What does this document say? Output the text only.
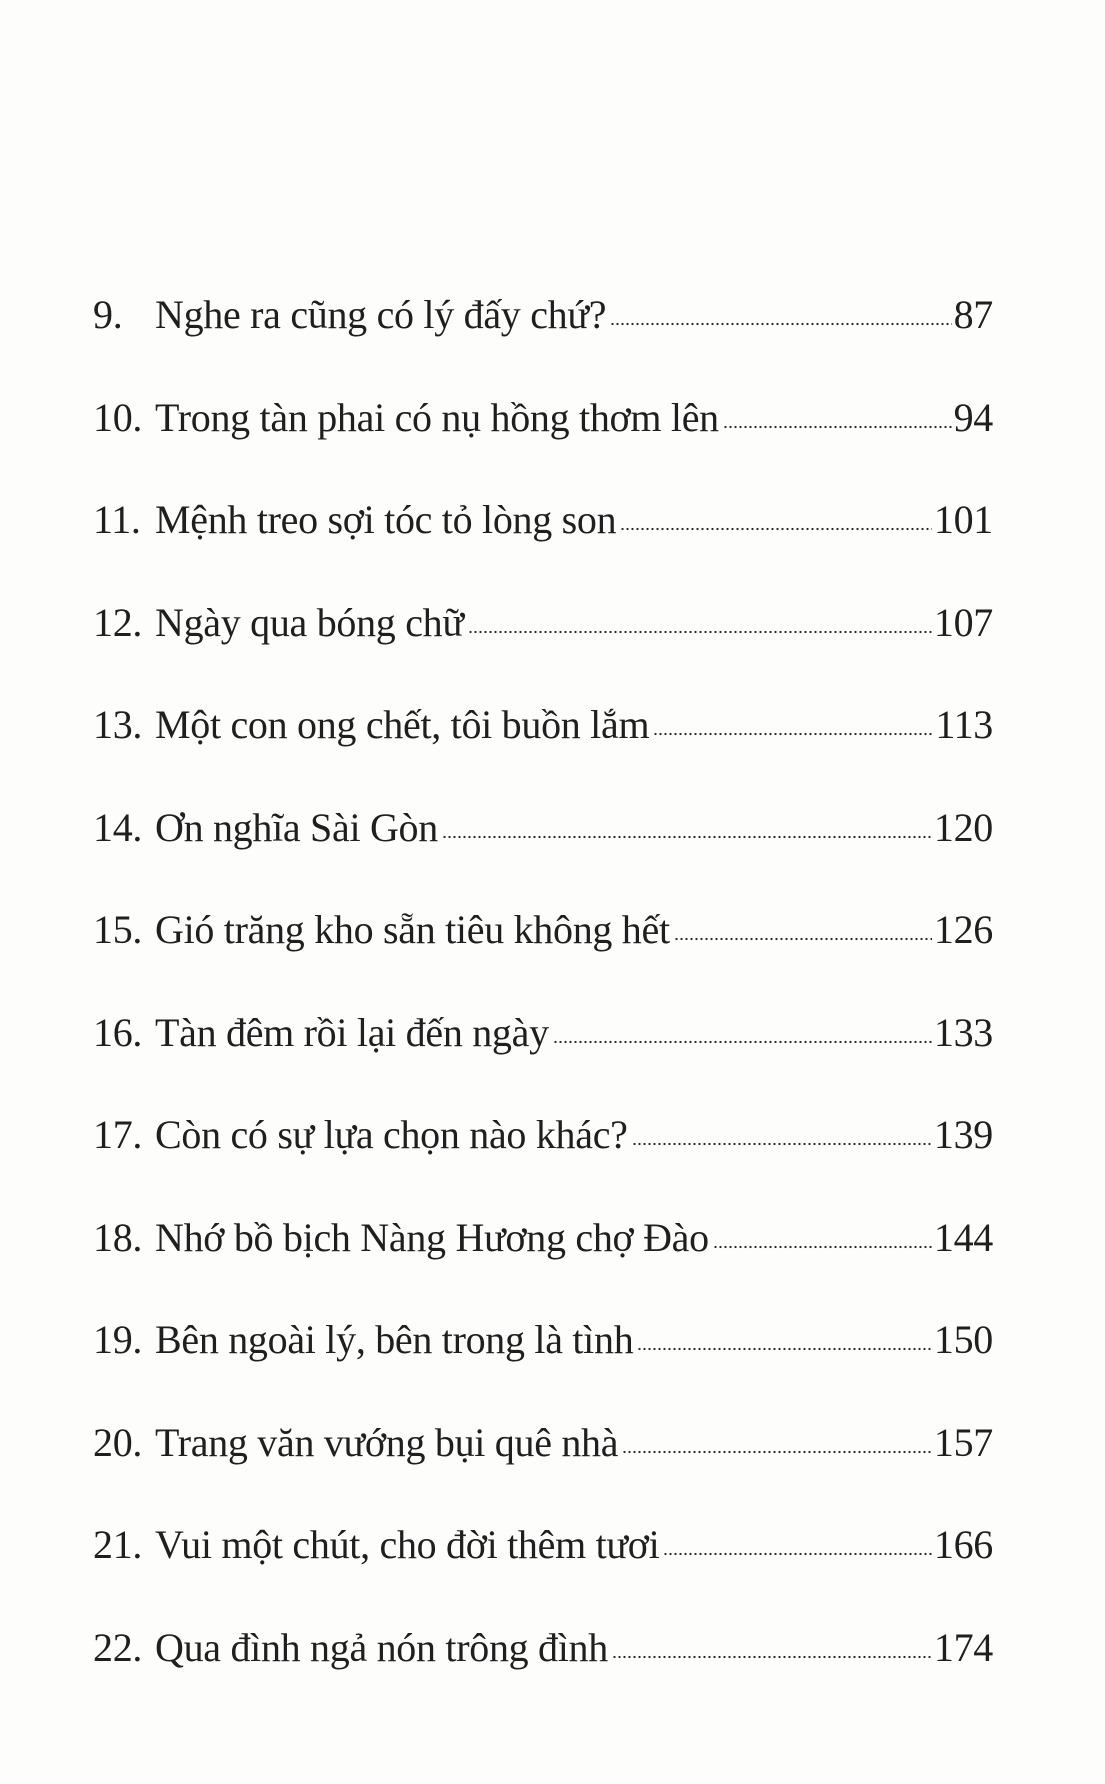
9. Nghe ra cũng có lý đấy chứ?	87
10. Trong tàn phai có nụ hồng thơm lên	94
11. Mệnh treo sợi tóc tỏ lòng son	101
12. Ngày qua bóng chữ	107
13. Một con ong chết, tôi buồn lắm	113
14. Ơn nghĩa Sài Gòn	120
15. Gió trăng kho sẵn tiêu không hết	126
16. Tàn đêm rồi lại đến ngày	133
17. Còn có sự lựa chọn nào khác?	139
18. Nhớ bồ bịch Nàng Hương chợ Đào	144
19. Bên ngoài lý, bên trong là tình	150
20. Trang văn vướng bụi quê nhà	157
21. Vui một chút, cho đời thêm tươi	166
22. Qua đình ngả nón trông đình	174
